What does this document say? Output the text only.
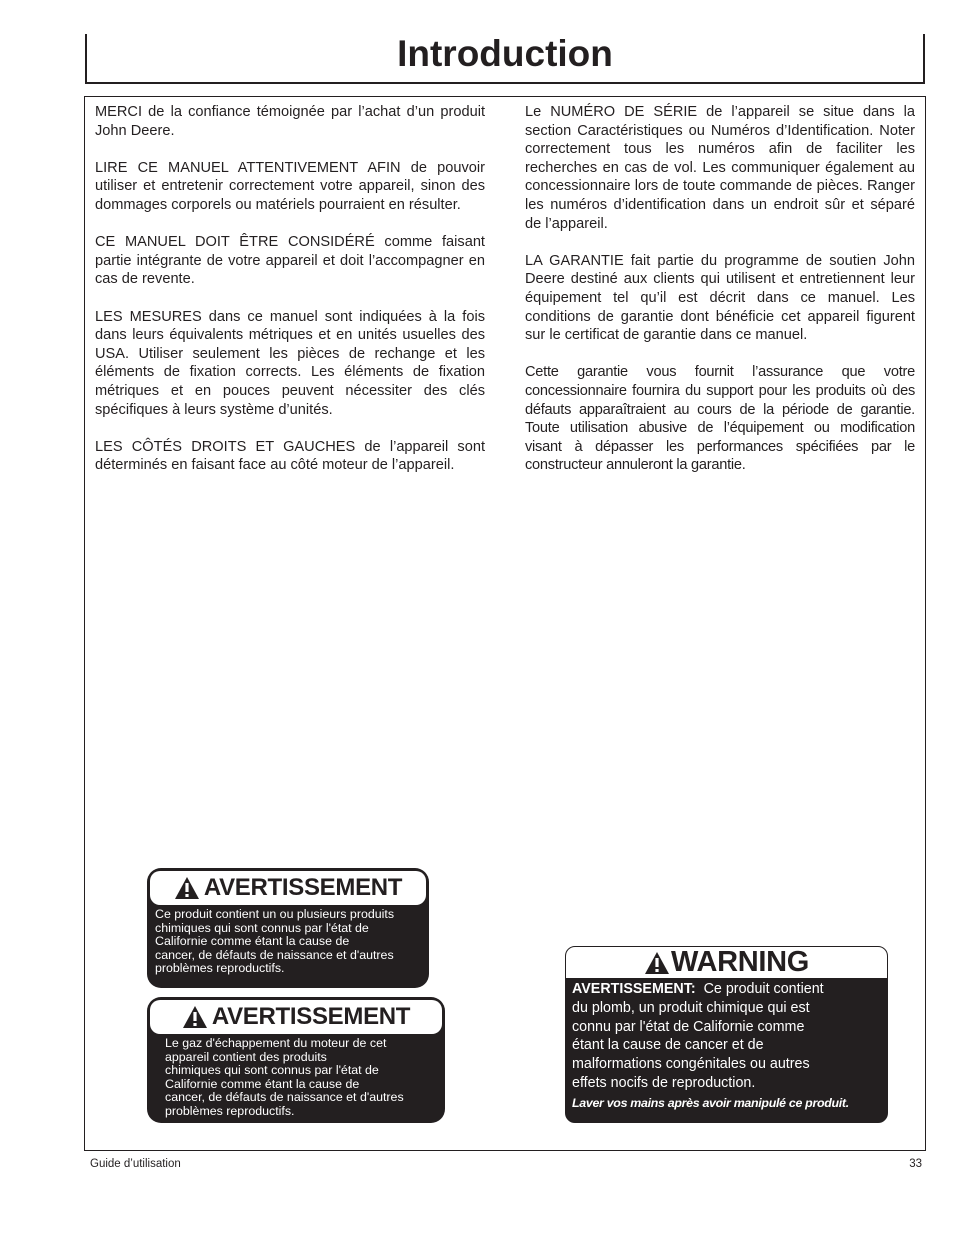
Introduction

MERCI de la confiance témoignée par l’achat d’un produit John Deere.

LIRE CE MANUEL ATTENTIVEMENT AFIN de pouvoir utiliser et entretenir correctement votre appareil, sinon des dommages corporels ou matériels pourraient en résulter.

CE MANUEL DOIT ÊTRE CONSIDÉRÉ comme faisant partie intégrante de votre appareil et doit l’accompagner en cas de revente.

LES MESURES dans ce manuel sont indiquées à la fois dans leurs équivalents métriques et en unités usuelles des USA. Utiliser seulement les pièces de rechange et les éléments de fixation corrects. Les éléments de fixation métriques et en pouces peuvent nécessiter des clés spécifiques à leurs système d’unités.

LES CÔTÉS DROITS ET GAUCHES de l’appareil sont déterminés en faisant face au côté moteur de l’appareil.

Le NUMÉRO DE SÉRIE de l’appareil se situe dans la section Caractéristiques ou Numéros d’Identification. Noter correctement tous les numéros afin de faciliter les recherches en cas de vol. Les communiquer également au concessionnaire lors de toute commande de pièces. Ranger les numéros d’identification dans un endroit sûr et séparé de l’appareil.

LA GARANTIE fait partie du programme de soutien John Deere destiné aux clients qui utilisent et entretiennent leur équipement tel qu’il est décrit dans ce manuel. Les conditions de garantie dont bénéficie cet appareil figurent sur le certificat de garantie dans ce manuel.

Cette garantie vous fournit l’assurance que votre concessionnaire fournira du support pour les produits où des défauts apparaîtraient au cours de la période de garantie. Toute utilisation abusive de l’équipement ou modification visant à dépasser les performances spécifiées par le constructeur annuleront la garantie.

AVERTISSEMENT
Ce produit contient un ou plusieurs produits
chimiques qui sont connus par l'état de
Californie comme étant la cause de
cancer, de défauts de naissance et d'autres
problèmes reproductifs.
AVERTISSEMENT
Le gaz d'échappement du moteur de cet
appareil contient des produits
chimiques qui sont connus par l'état de
Californie comme étant la cause de
cancer, de défauts de naissance et d'autres
problèmes reproductifs.
WARNING
AVERTISSEMENT: Ce produit contient
du plomb, un produit chimique qui est
connu par l'état de Californie comme
étant la cause de cancer et de
malformations congénitales ou autres
effets nocifs de reproduction.
Laver vos mains après avoir manipulé ce produit.
Guide d’utilisation	33
